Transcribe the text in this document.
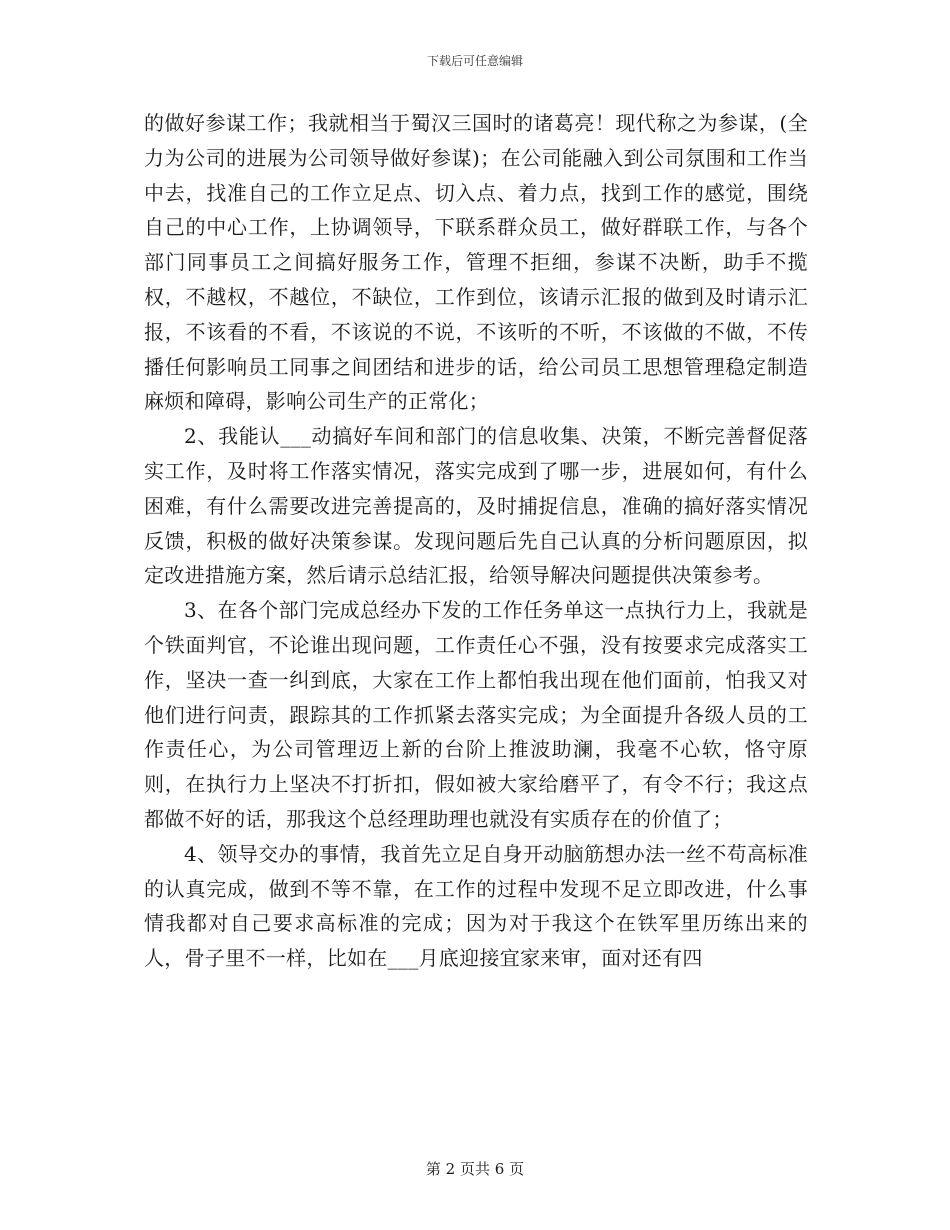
下载后可任意编辑

的做好参谋工作；我就相当于蜀汉三国时的诸葛亮！现代称之为参谋，(全力为公司的进展为公司领导做好参谋)；在公司能融入到公司氛围和工作当中去，找准自己的工作立足点、切入点、着力点，找到工作的感觉，围绕自己的中心工作，上协调领导，下联系群众员工，做好群联工作，与各个部门同事员工之间搞好服务工作，管理不拒细，参谋不决断，助手不揽权，不越权，不越位，不缺位，工作到位，该请示汇报的做到及时请示汇报，不该看的不看，不该说的不说，不该听的不听，不该做的不做，不传播任何影响员工同事之间团结和进步的话，给公司员工思想管理稳定制造麻烦和障碍，影响公司生产的正常化；

2、我能认___动搞好车间和部门的信息收集、决策，不断完善督促落实工作，及时将工作落实情况，落实完成到了哪一步，进展如何，有什么困难，有什么需要改进完善提高的，及时捕捉信息，准确的搞好落实情况反馈，积极的做好决策参谋。发现问题后先自己认真的分析问题原因，拟定改进措施方案，然后请示总结汇报，给领导解决问题提供决策参考。

3、在各个部门完成总经办下发的工作任务单这一点执行力上，我就是个铁面判官，不论谁出现问题，工作责任心不强，没有按要求完成落实工作，坚决一查一纠到底，大家在工作上都怕我出现在他们面前，怕我又对他们进行问责，跟踪其的工作抓紧去落实完成；为全面提升各级人员的工作责任心，为公司管理迈上新的台阶上推波助澜，我毫不心软，恪守原则，在执行力上坚决不打折扣，假如被大家给磨平了，有令不行；我这点都做不好的话，那我这个总经理助理也就没有实质存在的价值了；

4、领导交办的事情，我首先立足自身开动脑筋想办法一丝不苟高标准的认真完成，做到不等不靠，在工作的过程中发现不足立即改进，什么事情我都对自己要求高标准的完成；因为对于我这个在铁军里历练出来的人，骨子里不一样，比如在___月底迎接宜家来审，面对还有四

第 2 页共 6 页
